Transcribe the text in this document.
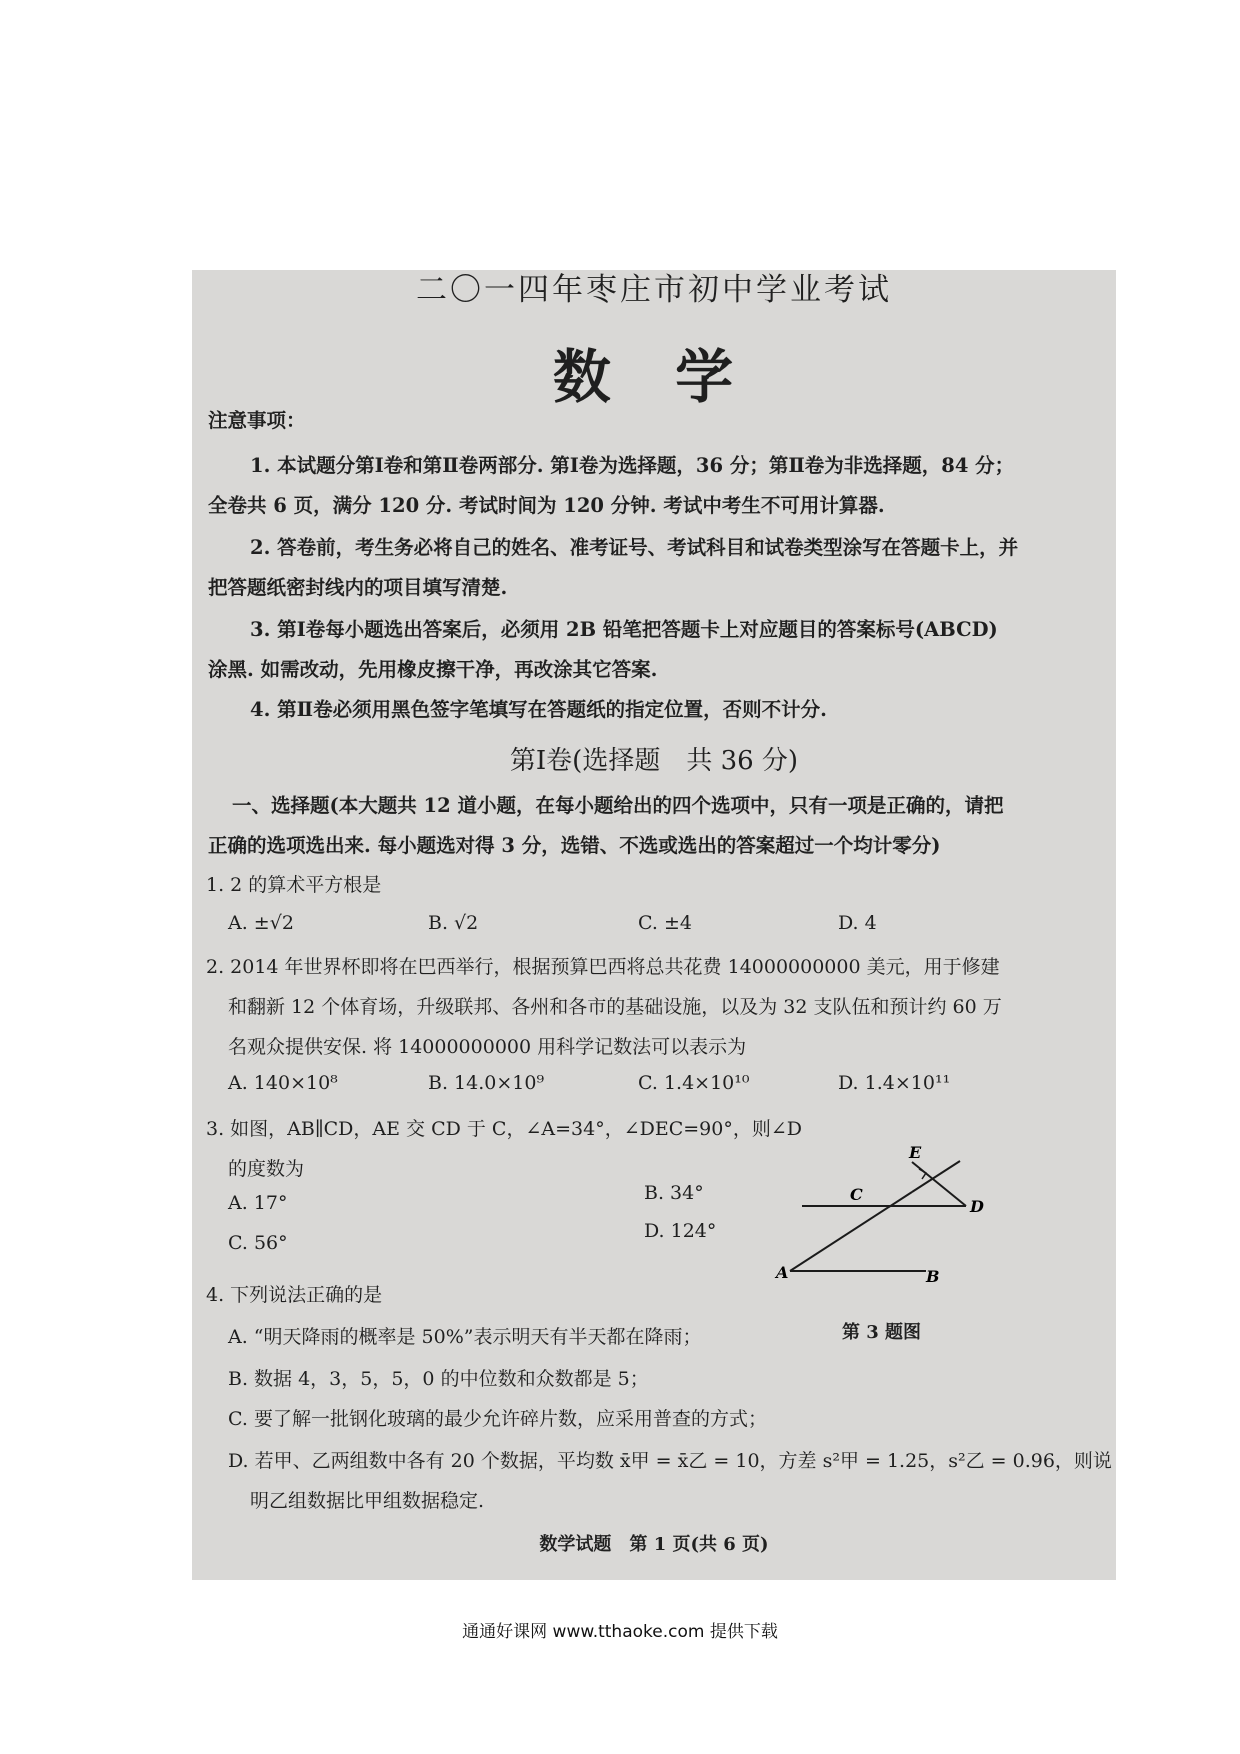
二〇一四年枣庄市初中学业考试
数 学
注意事项：
1. 本试题分第Ⅰ卷和第Ⅱ卷两部分. 第Ⅰ卷为选择题，36 分；第Ⅱ卷为非选择题，84 分；
全卷共 6 页，满分 120 分. 考试时间为 120 分钟. 考试中考生不可用计算器.
2. 答卷前，考生务必将自己的姓名、准考证号、考试科目和试卷类型涂写在答题卡上，并
把答题纸密封线内的项目填写清楚.
3. 第Ⅰ卷每小题选出答案后，必须用 2B 铅笔把答题卡上对应题目的答案标号(ABCD)
涂黑. 如需改动，先用橡皮擦干净，再改涂其它答案.
4. 第Ⅱ卷必须用黑色签字笔填写在答题纸的指定位置，否则不计分.
第Ⅰ卷(选择题　共 36 分)
一、选择题(本大题共 12 道小题，在每小题给出的四个选项中，只有一项是正确的，请把
正确的选项选出来. 每小题选对得 3 分，选错、不选或选出的答案超过一个均计零分)
1. 2 的算术平方根是
A. ±√2	B. √2	C. ±4	D. 4
2. 2014 年世界杯即将在巴西举行，根据预算巴西将总共花费 14000000000 美元，用于修建
和翻新 12 个体育场，升级联邦、各州和各市的基础设施，以及为 32 支队伍和预计约 60 万
名观众提供安保. 将 14000000000 用科学记数法可以表示为
A. 140×10⁸	B. 14.0×10⁹	C. 1.4×10¹⁰	D. 1.4×10¹¹
3. 如图，AB∥CD，AE 交 CD 于 C，∠A=34°，∠DEC=90°，则∠D
的度数为
A. 17°	B. 34°
C. 56°
D. 124°
E
C
D
A	B
第 3 题图
4. 下列说法正确的是
A. “明天降雨的概率是 50%”表示明天有半天都在降雨；
B. 数据 4，3，5，5，0 的中位数和众数都是 5；
C. 要了解一批钢化玻璃的最少允许碎片数，应采用普查的方式；
D. 若甲、乙两组数中各有 20 个数据，平均数 x̄甲 = x̄乙 = 10，方差 s²甲 = 1.25，s²乙 = 0.96，则说
明乙组数据比甲组数据稳定.
数学试题　第 1 页(共 6 页)
通通好课网 www.tthaoke.com 提供下载
